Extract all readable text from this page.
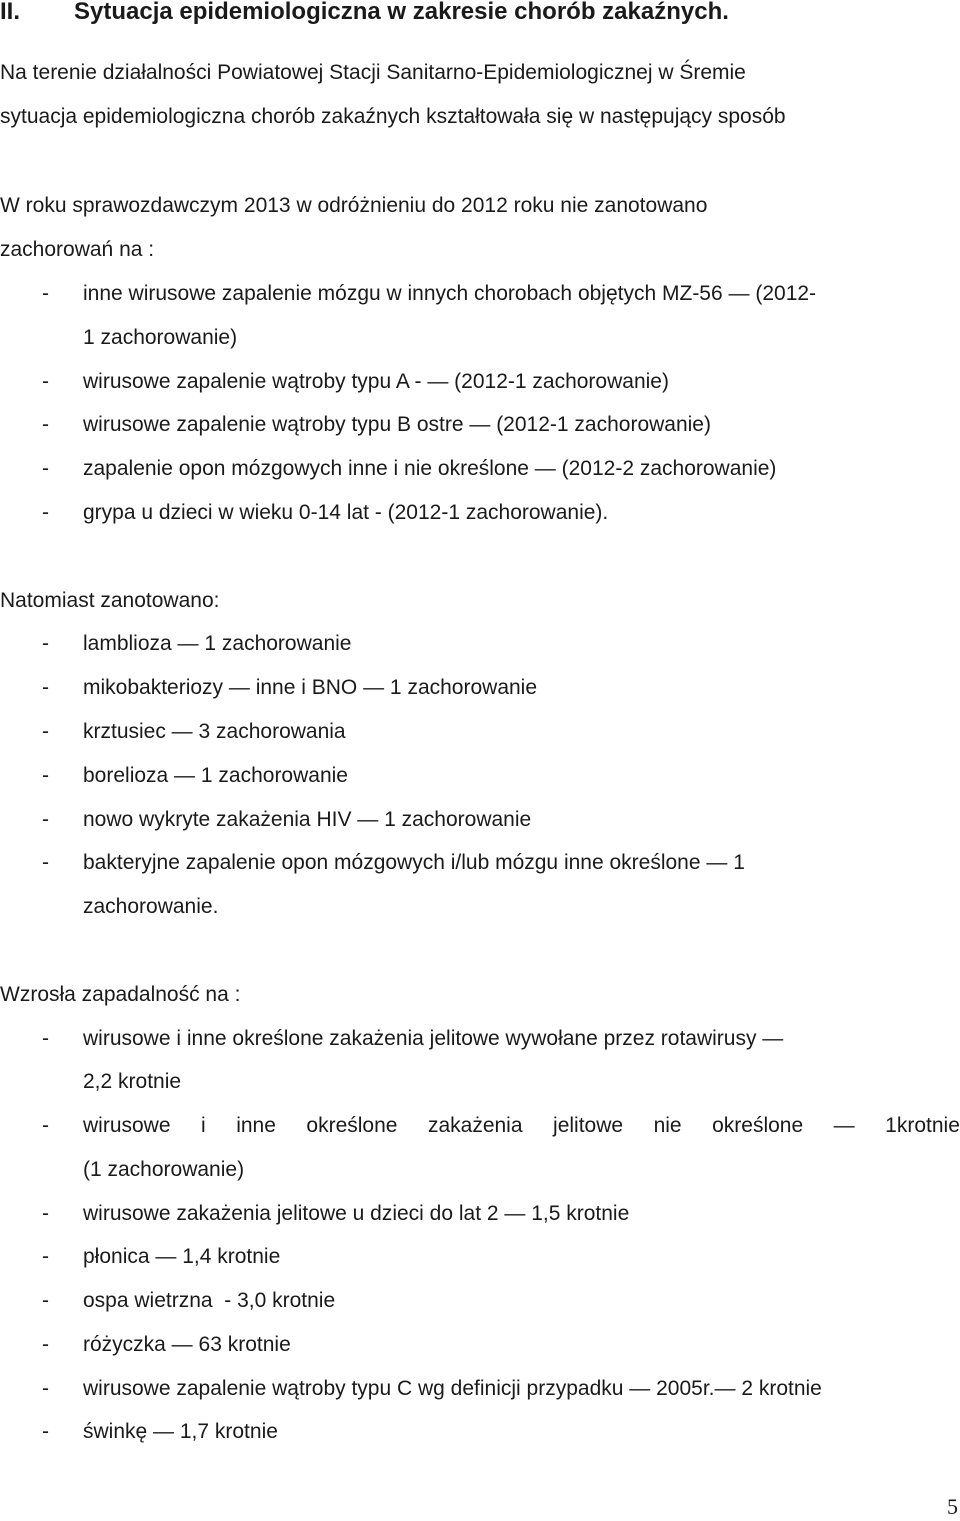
II. Sytuacja epidemiologiczna w zakresie chorób zakaźnych.
Na terenie działalności Powiatowej Stacji Sanitarno-Epidemiologicznej w Śremie
sytuacja epidemiologiczna chorób zakaźnych kształtowała się w następujący sposób
W roku sprawozdawczym 2013 w odróżnieniu do 2012 roku nie zanotowano
zachorowań na :
- inne wirusowe zapalenie mózgu w innych chorobach objętych MZ-56 — (2012-
1 zachorowanie)
- wirusowe zapalenie wątroby typu A - — (2012-1 zachorowanie)
- wirusowe zapalenie wątroby typu B ostre — (2012-1 zachorowanie)
- zapalenie opon mózgowych inne i nie określone — (2012-2 zachorowanie)
- grypa u dzieci w wieku 0-14 lat - (2012-1 zachorowanie).
Natomiast zanotowano:
- lamblioza — 1 zachorowanie
- mikobakteriozy — inne i BNO — 1 zachorowanie
- krztusiec — 3 zachorowania
- borelioza — 1 zachorowanie
- nowo wykryte zakażenia HIV — 1 zachorowanie
- bakteryjne zapalenie opon mózgowych i/lub mózgu inne określone — 1
zachorowanie.
Wzrosła zapadalność na :
- wirusowe i inne określone zakażenia jelitowe wywołane przez rotawirusy —
2,2 krotnie
- wirusowe i inne określone zakażenia jelitowe nie określone — 1krotnie
(1 zachorowanie)
- wirusowe zakażenia jelitowe u dzieci do lat 2 — 1,5 krotnie
- płonica — 1,4 krotnie
- ospa wietrzna  - 3,0 krotnie
- różyczka — 63 krotnie
- wirusowe zapalenie wątroby typu C wg definicji przypadku — 2005r.— 2 krotnie
- świnkę — 1,7 krotnie
5
